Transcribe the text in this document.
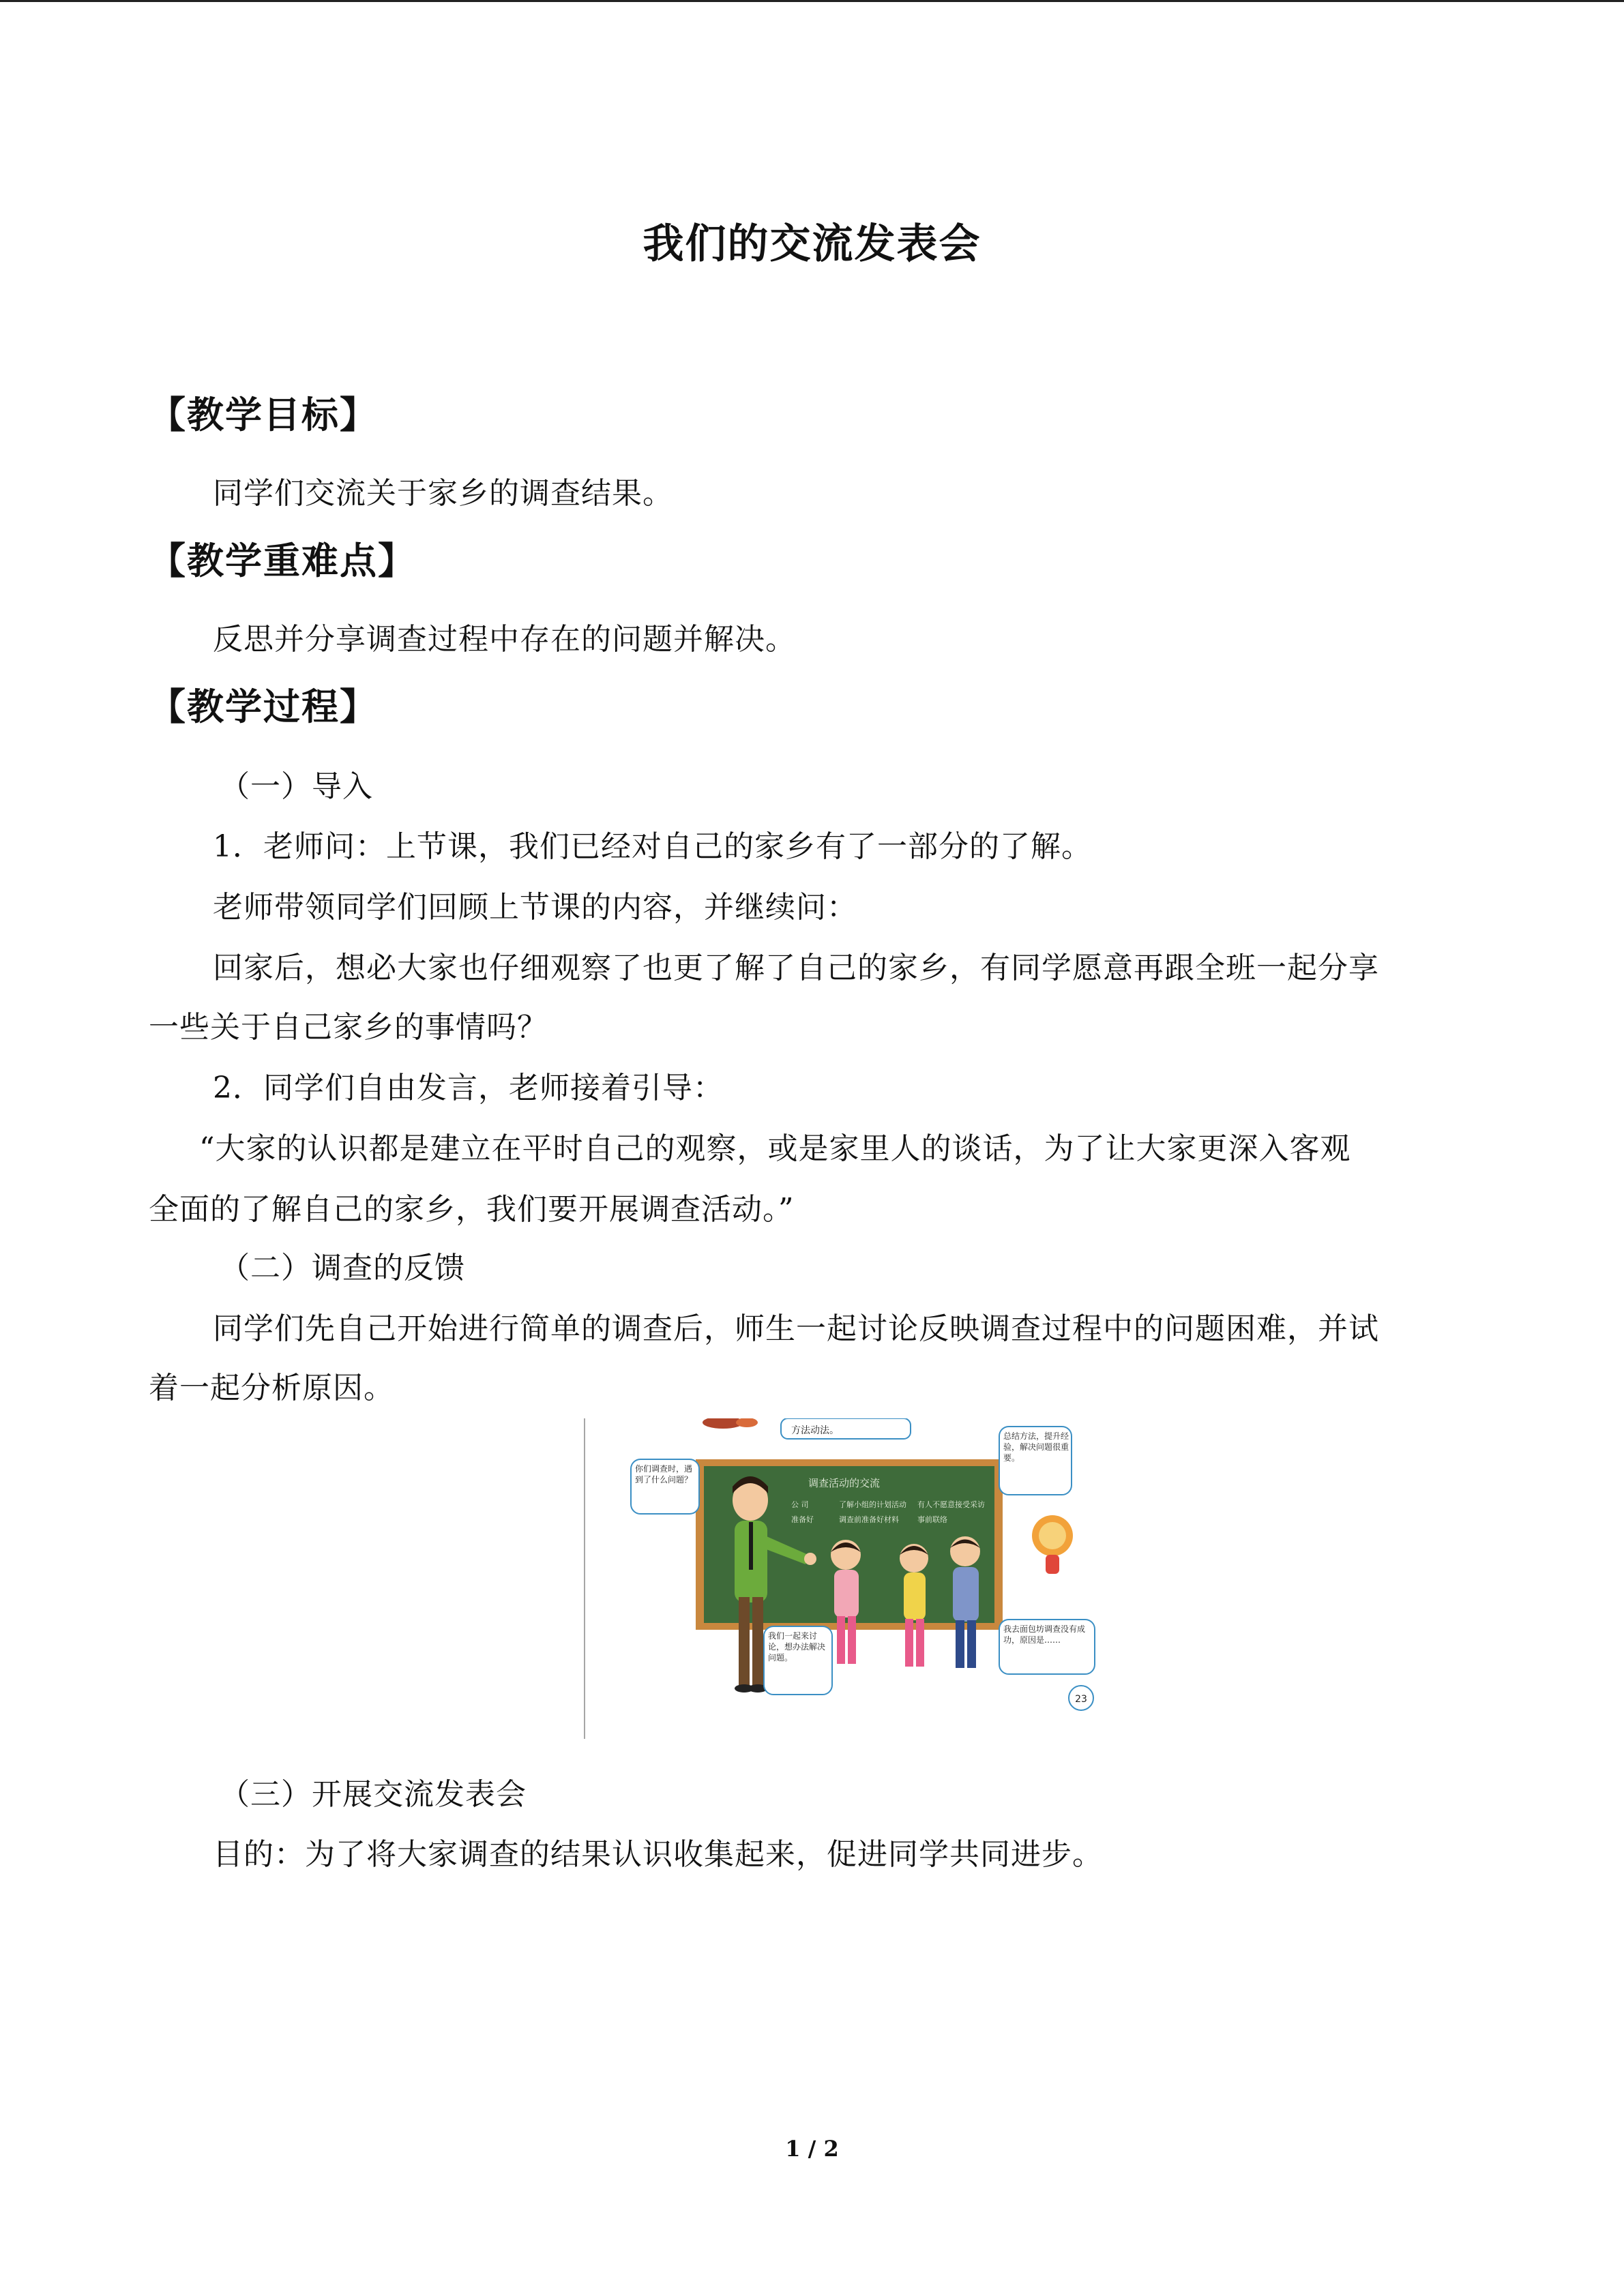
我们的交流发表会
【教学目标】
同学们交流关于家乡的调查结果。
【教学重难点】
反思并分享调查过程中存在的问题并解决。
【教学过程】
（一）导入
1．老师问：上节课，我们已经对自己的家乡有了一部分的了解。
老师带领同学们回顾上节课的内容，并继续问：
回家后，想必大家也仔细观察了也更了解了自己的家乡，有同学愿意再跟全班一起分享
一些关于自己家乡的事情吗？
2．同学们自由发言，老师接着引导：
“大家的认识都是建立在平时自己的观察，或是家里人的谈话，为了让大家更深入客观
全面的了解自己的家乡，我们要开展调查活动。”
（二）调查的反馈
同学们先自己开始进行简单的调查后，师生一起讨论反映调查过程中的问题困难，并试
着一起分析原因。
方法动法。
调查活动的交流
公 司	了解小组的计划活动 有人不愿意接受采访
准备好	调查前准备好材料 事前联络
你们调查时，遇到了什么问题？
总结方法，提升经验，解决问题很重要。
我们一起来讨论，想办法解决问题。
我去面包坊调查没有成功，原因是……
23
（三）开展交流发表会
目的：为了将大家调查的结果认识收集起来，促进同学共同进步。
1 / 2
